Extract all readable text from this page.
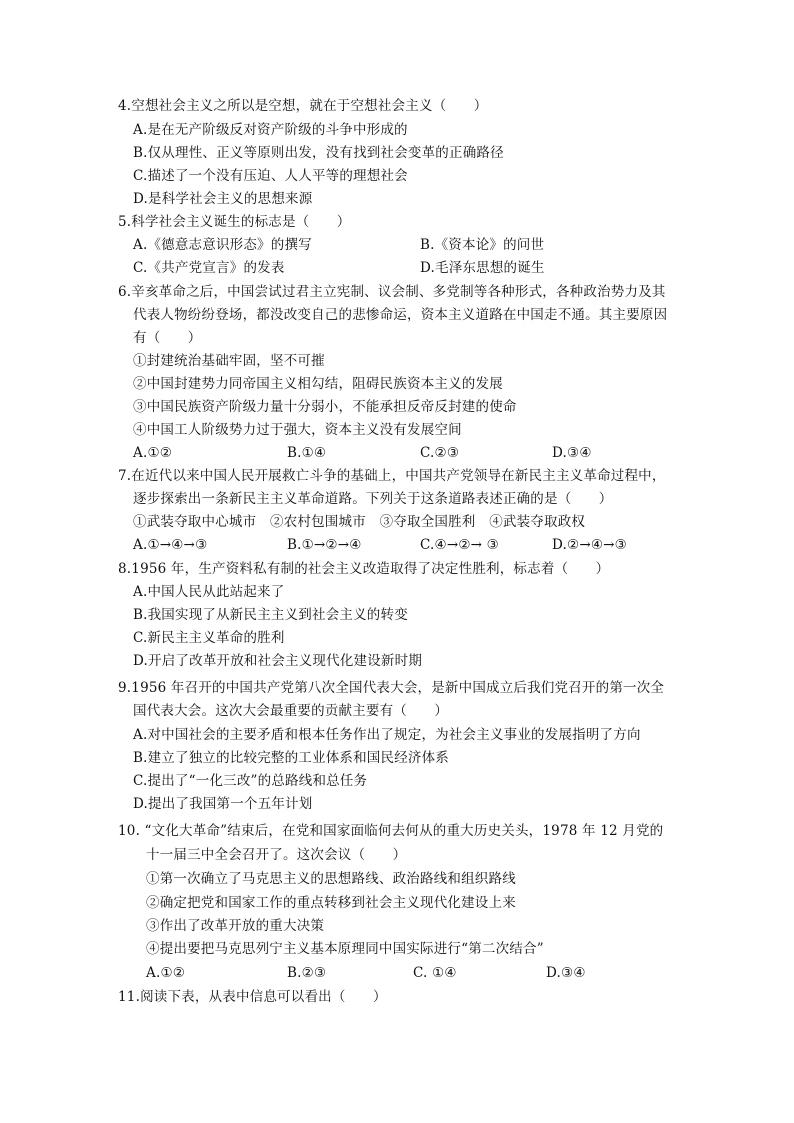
4.空想社会主义之所以是空想，就在于空想社会主义（　　）
A.是在无产阶级反对资产阶级的斗争中形成的
B.仅从理性、正义等原则出发，没有找到社会变革的正确路径
C.描述了一个没有压迫、人人平等的理想社会
D.是科学社会主义的思想来源
5.科学社会主义诞生的标志是（　　）
A.《德意志意识形态》的撰写	B.《资本论》的问世
C.《共产党宣言》的发表	D.毛泽东思想的诞生
6.辛亥革命之后，中国尝试过君主立宪制、议会制、多党制等各种形式，各种政治势力及其
代表人物纷纷登场，都没改变自己的悲惨命运，资本主义道路在中国走不通。其主要原因
有（　　）
①封建统治基础牢固，坚不可摧
②中国封建势力同帝国主义相勾结，阻碍民族资本主义的发展
③中国民族资产阶级力量十分弱小，不能承担反帝反封建的使命
④中国工人阶级势力过于强大，资本主义没有发展空间
A.①②	B.①④	C.②③	D.③④
7.在近代以来中国人民开展救亡斗争的基础上，中国共产党领导在新民主主义革命过程中，
逐步探索出一条新民主主义革命道路。下列关于这条道路表述正确的是（　　）
①武装夺取中心城市　②农村包围城市　③夺取全国胜利　④武装夺取政权
A.①→④→③	B.①→②→④	C.④→②→ ③	D.②→④→③
8.1956 年，生产资料私有制的社会主义改造取得了决定性胜利，标志着（　　）
A.中国人民从此站起来了
B.我国实现了从新民主主义到社会主义的转变
C.新民主主义革命的胜利
D.开启了改革开放和社会主义现代化建设新时期
9.1956 年召开的中国共产党第八次全国代表大会，是新中国成立后我们党召开的第一次全
国代表大会。这次大会最重要的贡献主要有（　　）
A.对中国社会的主要矛盾和根本任务作出了规定，为社会主义事业的发展指明了方向
B.建立了独立的比较完整的工业体系和国民经济体系
C.提出了“一化三改”的总路线和总任务
D.提出了我国第一个五年计划
10. “文化大革命”结束后，在党和国家面临何去何从的重大历史关头，1978 年 12 月党的
十一届三中全会召开了。这次会议（　　）
①第一次确立了马克思主义的思想路线、政治路线和组织路线
②确定把党和国家工作的重点转移到社会主义现代化建设上来
③作出了改革开放的重大决策
④提出要把马克思列宁主义基本原理同中国实际进行“第二次结合”
A.①②	B.②③	C. ①④	D.③④
11.阅读下表，从表中信息可以看出（　　）
